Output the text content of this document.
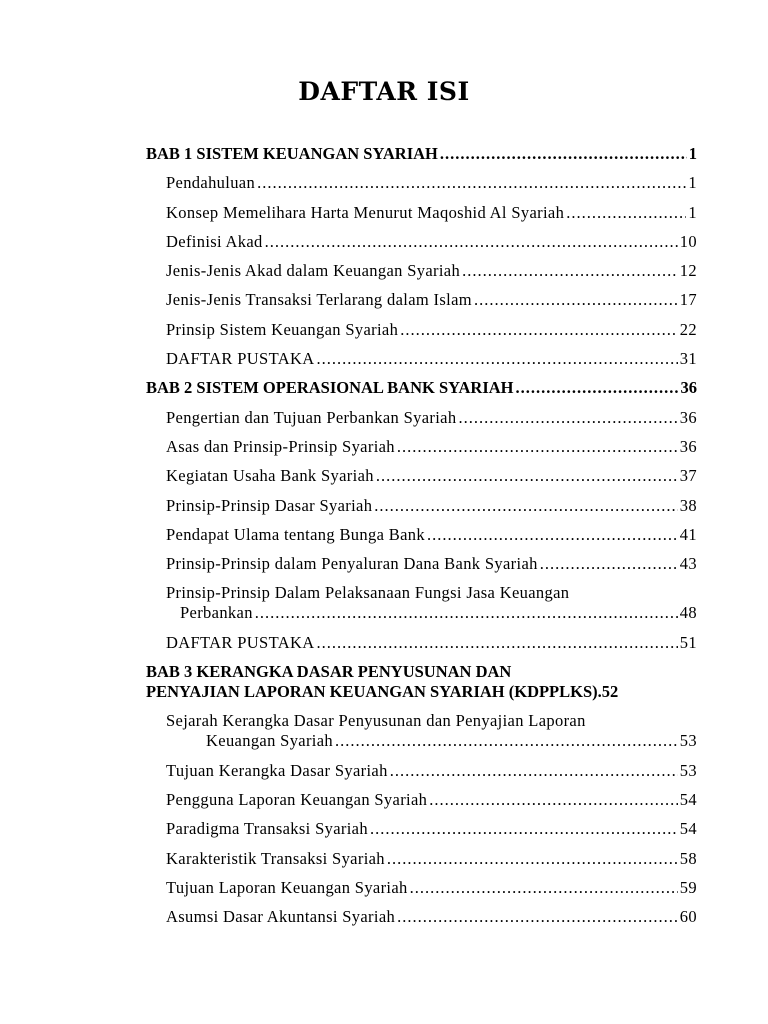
DAFTAR ISI
BAB 1 SISTEM KEUANGAN SYARIAH .....	1
Pendahuluan .....	1
Konsep Memelihara Harta Menurut Maqoshid Al Syariah .....	1
Definisi Akad .....	10
Jenis-Jenis Akad dalam Keuangan Syariah .....	12
Jenis-Jenis Transaksi Terlarang dalam Islam .....	17
Prinsip Sistem Keuangan Syariah .....	22
DAFTAR PUSTAKA .....	31
BAB 2 SISTEM OPERASIONAL BANK SYARIAH .....	36
Pengertian dan Tujuan Perbankan Syariah .....	36
Asas dan Prinsip-Prinsip Syariah .....	36
Kegiatan Usaha Bank Syariah .....	37
Prinsip-Prinsip Dasar Syariah .....	38
Pendapat Ulama tentang Bunga Bank .....	41
Prinsip-Prinsip dalam Penyaluran Dana Bank Syariah .....	43
Prinsip-Prinsip Dalam Pelaksanaan Fungsi Jasa Keuangan
Perbankan .....	48
DAFTAR PUSTAKA .....	51
BAB 3 KERANGKA DASAR PENYUSUNAN DAN
PENYAJIAN LAPORAN KEUANGAN SYARIAH (KDPPLKS) .52
Sejarah Kerangka Dasar Penyusunan dan Penyajian Laporan
Keuangan Syariah .....	53
Tujuan Kerangka Dasar Syariah .....	53
Pengguna Laporan Keuangan Syariah .....	54
Paradigma Transaksi Syariah .....	54
Karakteristik Transaksi Syariah .....	58
Tujuan Laporan Keuangan Syariah .....	59
Asumsi Dasar Akuntansi Syariah .....	60
